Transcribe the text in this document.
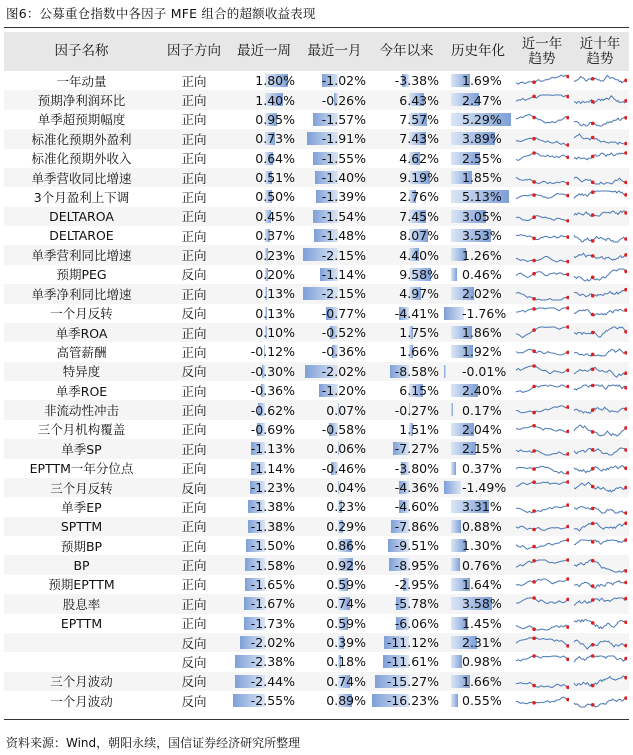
图6：公募重仓指数中各因子 MFE 组合的超额收益表现
因子名称	因子方向	最近一周	最近一月	今年以来	历史年化	近一年趋势	近十年趋势
一年动量	正向	1.80%	-1.02%	-3.38%	1.69%

预期净利润环比	正向	1.40%	-0.26%	6.43%	2.47%

单季超预期幅度	正向	0.95%	-1.57%	7.57%	5.29%

标准化预期外盈利	正向	0.73%	-1.91%	7.43%	3.89%

标准化预期外收入	正向	0.64%	-1.55%	4.62%	2.55%

单季营收同比增速	正向	0.51%	-1.40%	9.19%	1.85%

3个月盈利上下调	正向	0.50%	-1.39%	2.76%	5.13%

DELTAROA	正向	0.45%	-1.54%	7.45%	3.05%

DELTAROE	正向	0.37%	-1.48%	8.07%	3.53%

单季营利同比增速	正向	0.23%	-2.15%	4.40%	1.26%

预期PEG	反向	0.20%	-1.14%	9.58%	0.46%

单季净利同比增速	正向	0.13%	-2.15%	4.97%	2.02%

一个月反转	反向	0.13%	-0.77%	-4.41%	-1.76%

单季ROA	正向	0.10%	-0.52%	1.75%	1.86%

高管薪酬	正向	-0.12%	-0.36%	1.66%	1.92%

特异度	反向	-0.30%	-2.02%	-8.58%	-0.01%

单季ROE	正向	-0.36%	-1.20%	6.15%	2.40%

非流动性冲击	正向	-0.62%	0.07%	-0.27%	0.17%

三个月机构覆盖	正向	-0.69%	-0.58%	1.51%	2.04%

单季SP	正向	-1.13%	0.06%	-7.27%	2.15%

EPTTM一年分位点	正向	-1.14%	-0.46%	-3.80%	0.37%

三个月反转	反向	-1.23%	0.04%	-4.36%	-1.49%

单季EP	正向	-1.38%	0.23%	-4.60%	3.31%

SPTTM	正向	-1.38%	0.29%	-7.86%	0.88%

预期BP	正向	-1.50%	0.86%	-9.51%	1.30%

BP	正向	-1.58%	0.92%	-8.95%	0.76%

预期EPTTM	正向	-1.65%	0.59%	-2.95%	1.64%

股息率	正向	-1.67%	0.74%	-5.78%	3.58%

EPTTM	正向	-1.73%	0.59%	-6.06%	1.45%

	反向	-2.02%	0.39%	-11.12%	2.31%

	反向	-2.38%	0.18%	-11.61%	0.98%

三个月波动	反向	-2.44%	0.74%	-15.27%	1.66%

一个月波动	反向	-2.55%	0.89%	-16.23%	0.55%

资料来源：Wind，朝阳永续，国信证券经济研究所整理
